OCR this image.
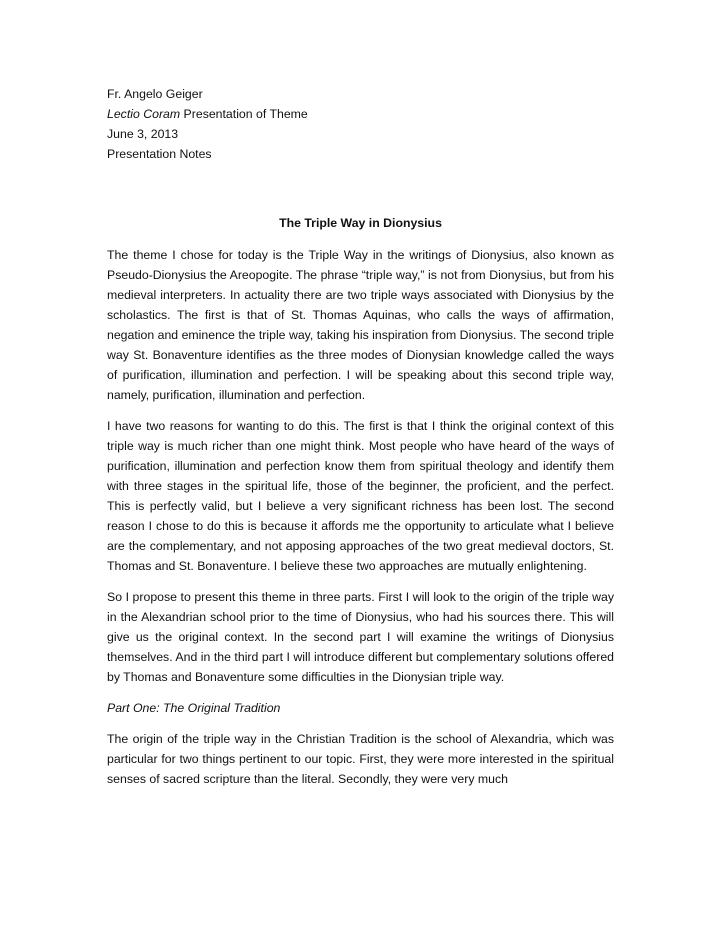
Fr. Angelo Geiger

Lectio Coram Presentation of Theme

June 3, 2013

Presentation Notes

The Triple Way in Dionysius

The theme I chose for today is the Triple Way in the writings of Dionysius, also known as Pseudo-Dionysius the Areopogite. The phrase “triple way,” is not from Dionysius, but from his medieval interpreters. In actuality there are two triple ways associated with Dionysius by the scholastics. The first is that of St. Thomas Aquinas, who calls the ways of affirmation, negation and eminence the triple way, taking his inspiration from Dionysius. The second triple way St. Bonaventure identifies as the three modes of Dionysian knowledge called the ways of purification, illumination and perfection. I will be speaking about this second triple way, namely, purification, illumination and perfection.

I have two reasons for wanting to do this. The first is that I think the original context of this triple way is much richer than one might think. Most people who have heard of the ways of purification, illumination and perfection know them from spiritual theology and identify them with three stages in the spiritual life, those of the beginner, the proficient, and the perfect. This is perfectly valid, but I believe a very significant richness has been lost. The second reason I chose to do this is because it affords me the opportunity to articulate what I believe are the complementary, and not apposing approaches of the two great medieval doctors, St. Thomas and St. Bonaventure. I believe these two approaches are mutually enlightening.

So I propose to present this theme in three parts. First I will look to the origin of the triple way in the Alexandrian school prior to the time of Dionysius, who had his sources there. This will give us the original context. In the second part I will examine the writings of Dionysius themselves. And in the third part I will introduce different but complementary solutions offered by Thomas and Bonaventure some difficulties in the Dionysian triple way.

Part One: The Original Tradition

The origin of the triple way in the Christian Tradition is the school of Alexandria, which was particular for two things pertinent to our topic. First, they were more interested in the spiritual senses of sacred scripture than the literal. Secondly, they were very much
